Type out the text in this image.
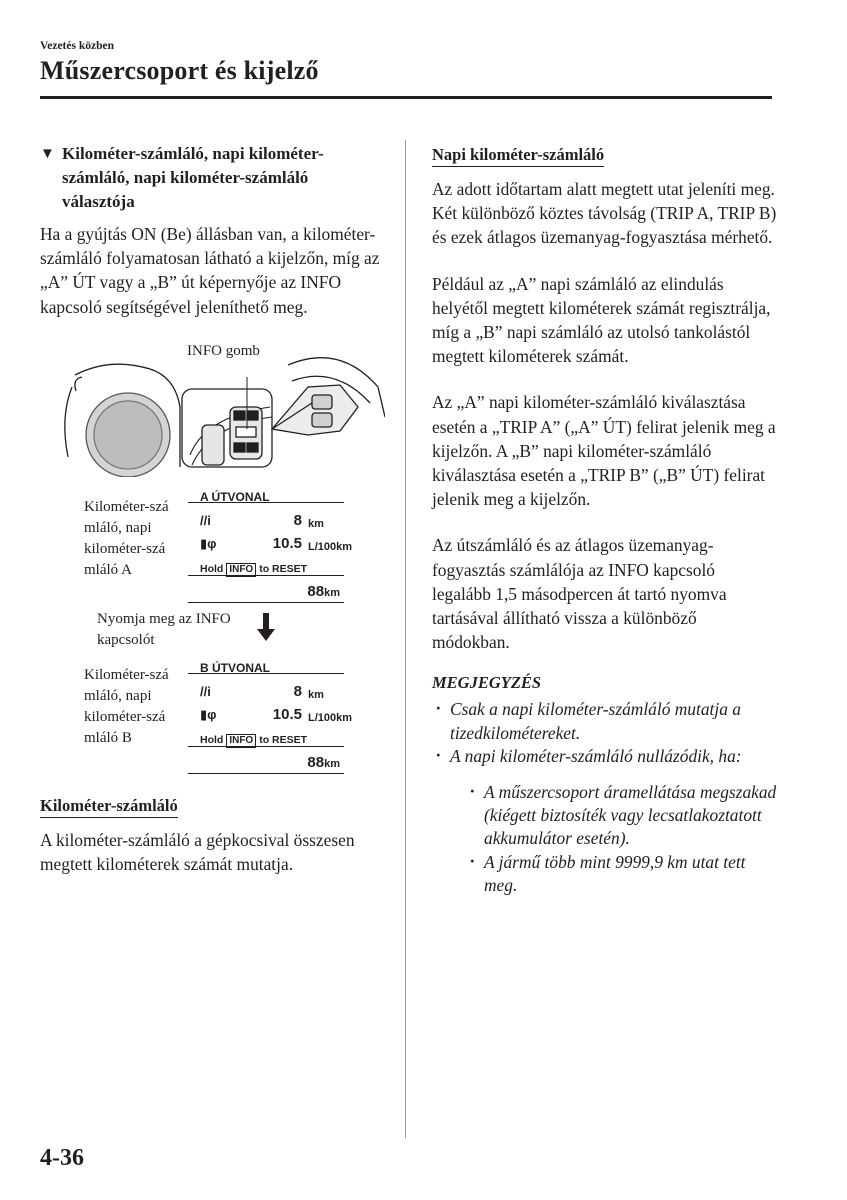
Vezetés közben
Műszercsoport és kijelző
▼ Kilométer-számláló, napi kilométer-számláló, napi kilométer-számláló választója

Ha a gyújtás ON (Be) állásban van, a kilométer-számláló folyamatosan látható a kijelzőn, míg az „A” ÚT vagy a „B” út képernyője az INFO kapcsoló segítségével jeleníthető meg.

INFO gomb
Kilométer-szá mláló, napi kilométer-szá mláló A
A ÚTVONAL
//i	8 km
▮φ	10.5 L/100km
Hold INFO to RESET
88km
Nyomja meg az INFO kapcsolót
Kilométer-szá mláló, napi kilométer-szá mláló B
B ÚTVONAL
//i	8 km
▮φ	10.5 L/100km
Hold INFO to RESET
88km
Kilométer-számláló

A kilométer-számláló a gépkocsival összesen megtett kilométerek számát mutatja.

Napi kilométer-számláló

Az adott időtartam alatt megtett utat jeleníti meg. Két különböző köztes távolság (TRIP A, TRIP B) és ezek átlagos üzemanyag-fogyasztása mérhető.

Például az „A” napi számláló az elindulás helyétől megtett kilométerek számát regisztrálja, míg a „B” napi számláló az utolsó tankolástól megtett kilométerek számát.

Az „A” napi kilométer-számláló kiválasztása esetén a „TRIP A” („A” ÚT) felirat jelenik meg a kijelzőn. A „B” napi kilométer-számláló kiválasztása esetén a „TRIP B” („B” ÚT) felirat jelenik meg a kijelzőn.

Az útszámláló és az átlagos üzemanyag-fogyasztás számlálója az INFO kapcsoló legalább 1,5 másodpercen át tartó nyomva tartásával állítható vissza a különböző módokban.

MEGJEGYZÉS
· Csak a napi kilométer-számláló mutatja a tizedkilométereket.
· A napi kilométer-számláló nullázódik, ha:
· A műszercsoport áramellátása megszakad (kiégett biztosíték vagy lecsatlakoztatott akkumulátor esetén).
· A jármű több mint 9999,9 km utat tett meg.
4-36
